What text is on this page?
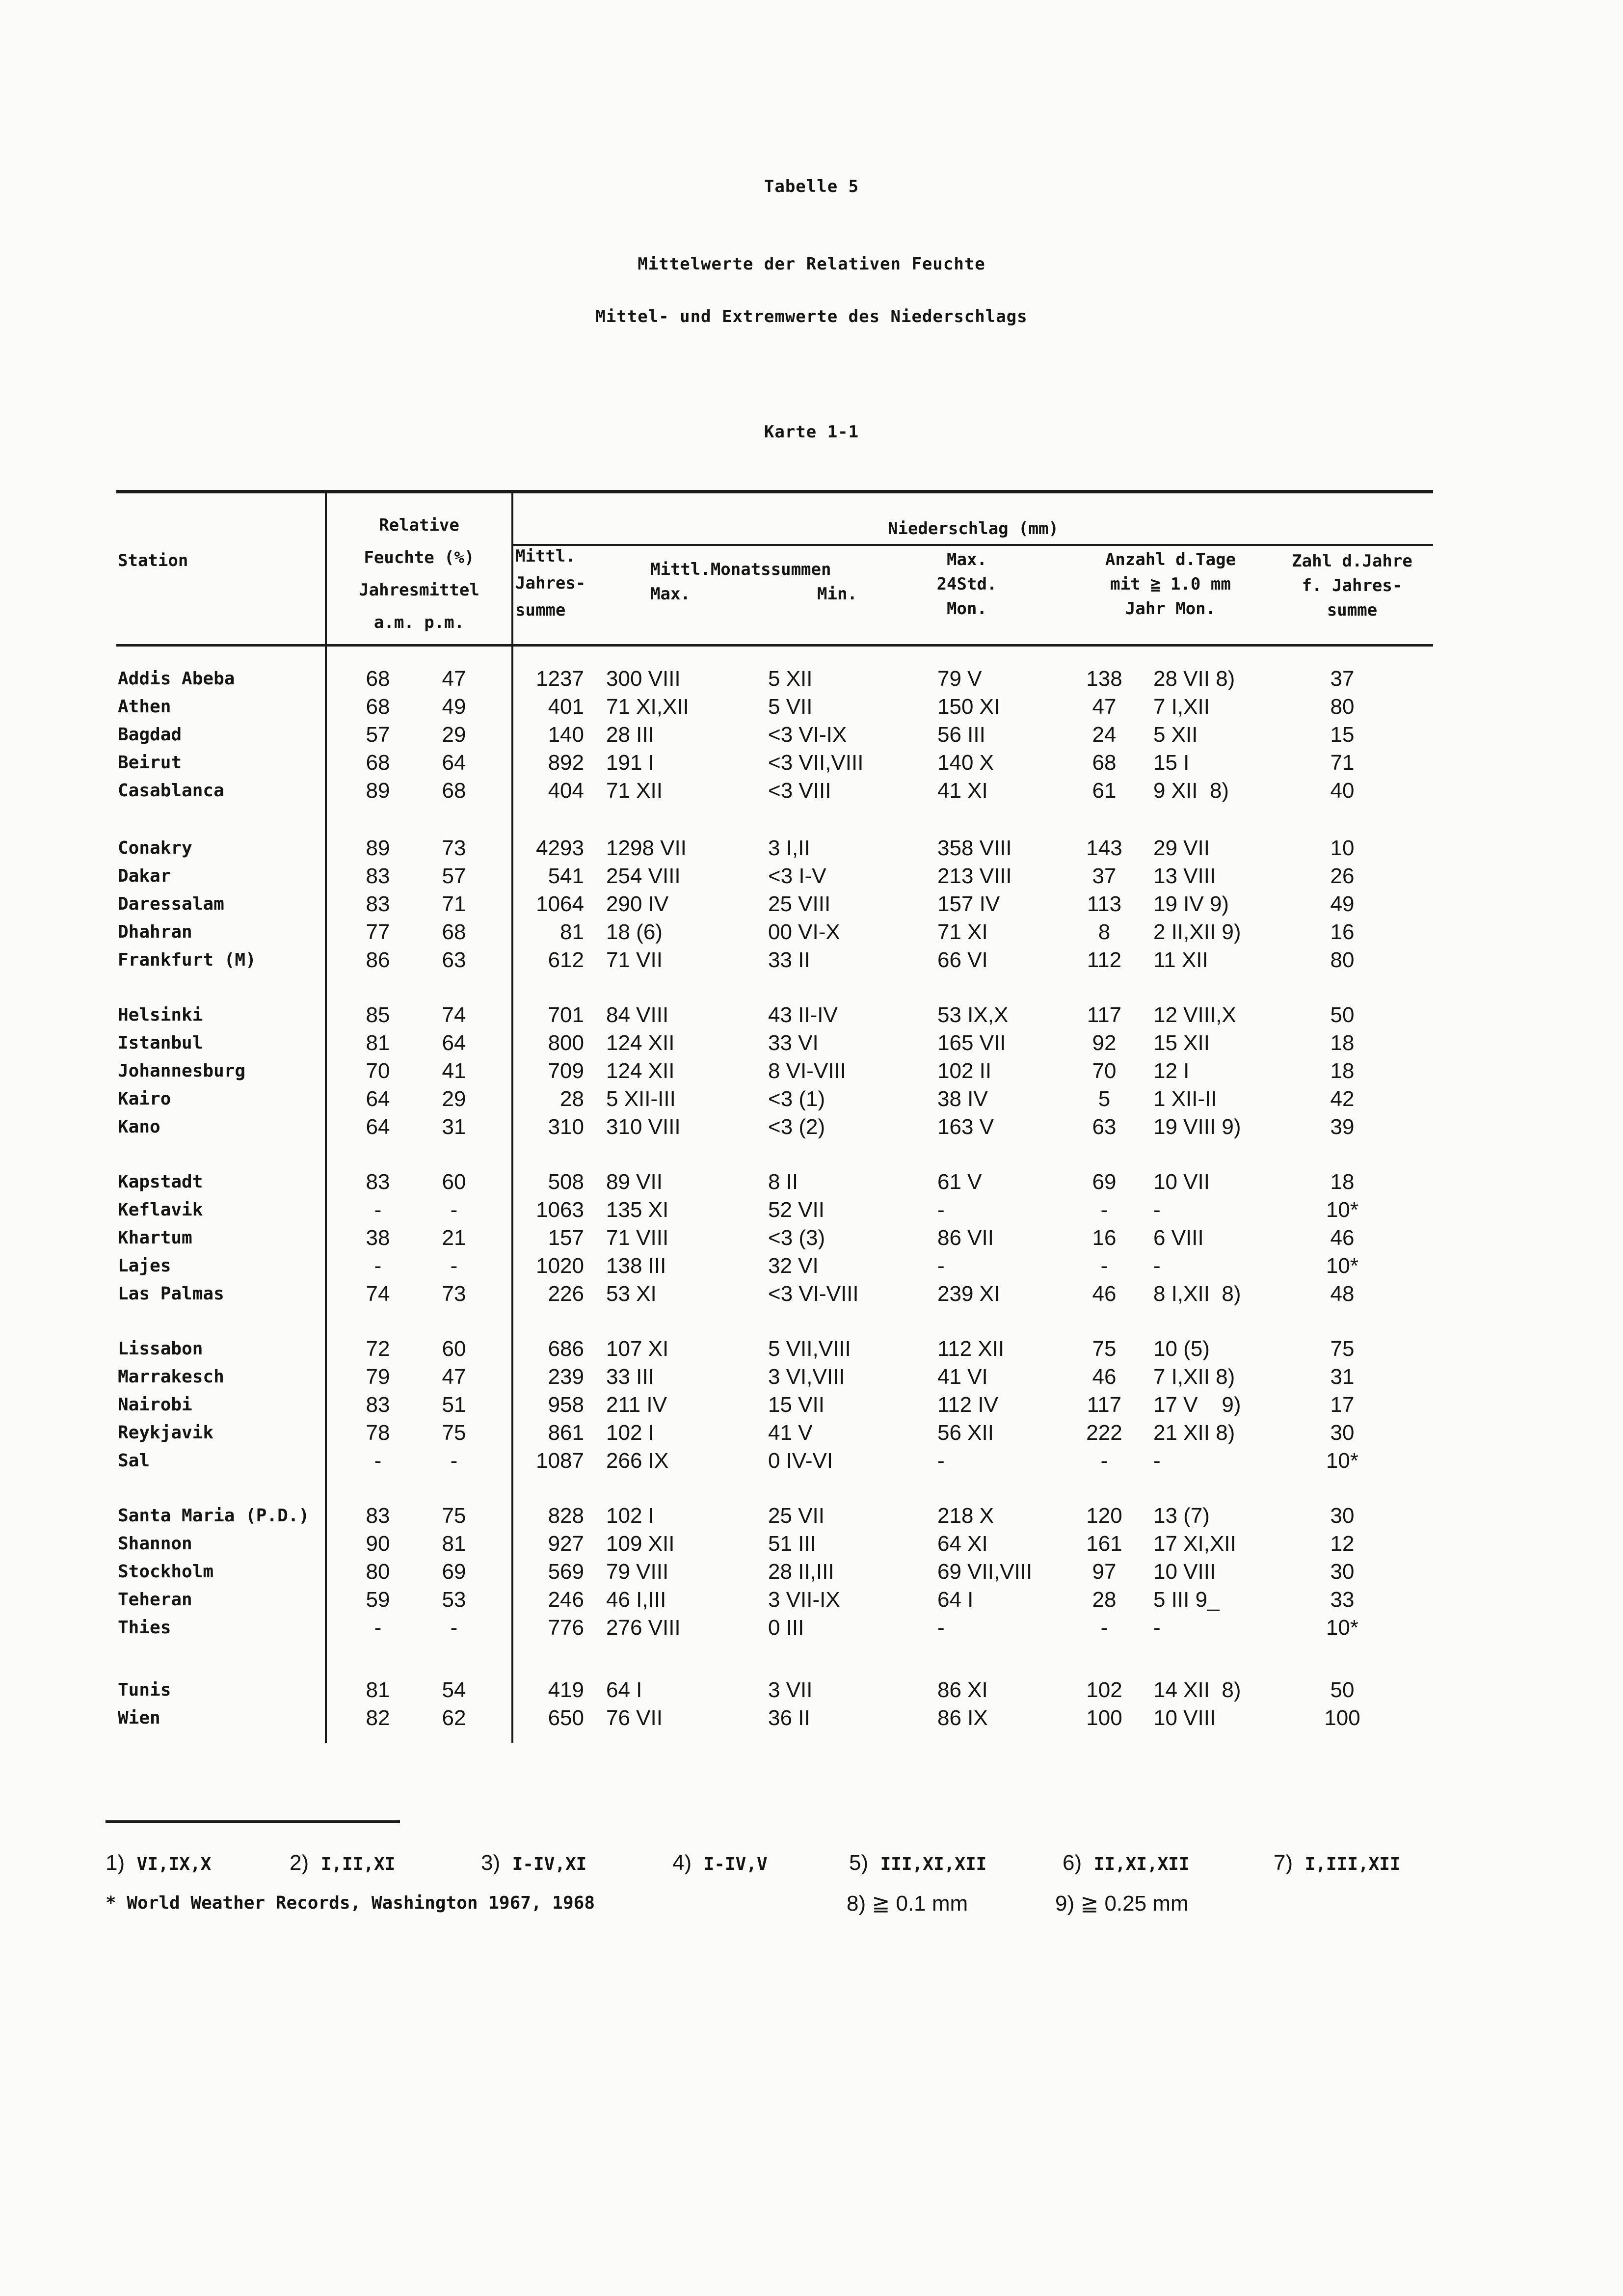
Tabelle 5
Mittelwerte der Relativen Feuchte
Mittel- und Extremwerte des Niederschlags
Karte 1-1
Station
Relative
Feuchte (%)
Jahresmittel
a.m. p.m.
Niederschlag (mm)
Mittl.
Jahres-
summe
Mittl.Monatssummen
Max.	Min.
Max.
24Std.
Mon.
Anzahl d.Tage
mit ≧ 1.0 mm
Jahr Mon.
Zahl d.Jahre
f. Jahres-
summe
Addis Abeba	68	47	1237 300 VIII	5 XII	79 V	138	28 VII 8)	37
Athen	68	49	401 71 XI,XII	5 VII	150 XI	47	7 I,XII	80
Bagdad	57	29	140 28 III	<3 VI-IX	56 III	24	5 XII	15
Beirut	68	64	892 191 I	<3 VII,VIII	140 X	68	15 I	71
Casablanca	89	68	404 71 XII	<3 VIII	41 XI	61	9 XII  8)	40
Conakry	89	73	4293 1298 VII	3 I,II	358 VIII	143	29 VII	10
Dakar	83	57	541 254 VIII	<3 I-V	213 VIII	37	13 VIII	26
Daressalam	83	71	1064 290 IV	25 VIII	157 IV	113	19 IV 9)	49
Dhahran	77	68	81 18 (6)	00 VI-X	71 XI	8	2 II,XII 9)	16
Frankfurt (M)	86	63	612 71 VII	33 II	66 VI	112	11 XII	80
Helsinki	85	74	701 84 VIII	43 II-IV	53 IX,X	117	12 VIII,X	50
Istanbul	81	64	800 124 XII	33 VI	165 VII	92	15 XII	18
Johannesburg	70	41	709 124 XII	8 VI-VIII	102 II	70	12 I	18
Kairo	64	29	28 5 XII-III	<3 (1)	38 IV	5	1 XII-II	42
Kano	64	31	310 310 VIII	<3 (2)	163 V	63	19 VIII 9)	39
Kapstadt	83	60	508 89 VII	8 II	61 V	69	10 VII	18
Keflavik	-	-	1063 135 XI	52 VII	-	-	-	10*
Khartum	38	21	157 71 VIII	<3 (3)	86 VII	16	6 VIII	46
Lajes	-	-	1020 138 III	32 VI	-	-	-	10*
Las Palmas	74	73	226 53 XI	<3 VI-VIII	239 XI	46	8 I,XII  8)	48
Lissabon	72	60	686 107 XI	5 VII,VIII	112 XII	75	10 (5)	75
Marrakesch	79	47	239 33 III	3 VI,VIII	41 VI	46	7 I,XII 8)	31
Nairobi	83	51	958 211 IV	15 VII	112 IV	117	17 V    9)	17
Reykjavik	78	75	861 102 I	41 V	56 XII	222	21 XII 8)	30
Sal	-	-	1087 266 IX	0 IV-VI	-	-	-	10*
Santa Maria (P.D.)	83	75	828 102 I	25 VII	218 X	120	13 (7)	30
Shannon	90	81	927 109 XII	51 III	64 XI	161	17 XI,XII	12
Stockholm	80	69	569 79 VIII	28 II,III	69 VII,VIII	97	10 VIII	30
Teheran	59	53	246 46 I,III	3 VII-IX	64 I	28	5 III 9_	33
Thies	-	-	776 276 VIII	0 III	-	-	-	10*
Tunis	81	54	419 64 I	3 VII	86 XI	102	14 XII  8)	50
Wien	82	62	650 76 VII	36 II	86 IX	100	10 VIII	100
1)  VI,IX,X	2)  I,II,XI	3)  I-IV,XI	4)  I-IV,V	5)  III,XI,XII	6)  II,XI,XII	7)  I,III,XII
* World Weather Records, Washington 1967, 1968	8) ≧ 0.1 mm	9) ≧ 0.25 mm
